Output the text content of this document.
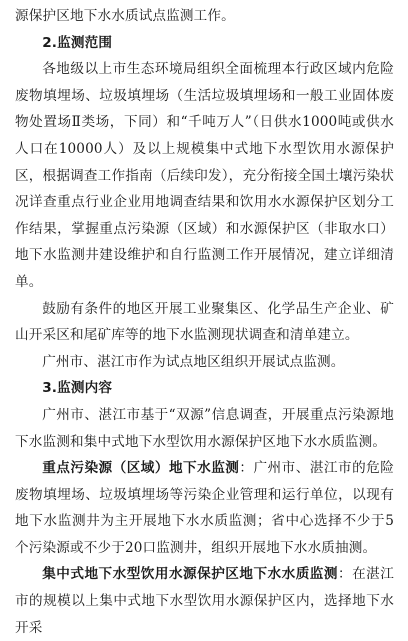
源保护区地下水水质试点监测工作。

2.监测范围

各地级以上市生态环境局组织全面梳理本行政区域内危险废物填埋场、垃圾填埋场（生活垃圾填埋场和一般工业固体废物处置场Ⅱ类场，下同）和“千吨万人”（日供水1000吨或供水人口在10000人）及以上规模集中式地下水型饮用水源保护区，根据调查工作指南（后续印发），充分衔接全国土壤污染状况详查重点行业企业用地调查结果和饮用水水源保护区划分工作结果，掌握重点污染源（区域）和水源保护区（非取水口）地下水监测井建设维护和自行监测工作开展情况，建立详细清单。

鼓励有条件的地区开展工业聚集区、化学品生产企业、矿山开采区和尾矿库等的地下水监测现状调查和清单建立。

广州市、湛江市作为试点地区组织开展试点监测。

3.监测内容

广州市、湛江市基于“双源”信息调查，开展重点污染源地下水监测和集中式地下水型饮用水源保护区地下水水质监测。

重点污染源（区域）地下水监测：广州市、湛江市的危险废物填埋场、垃圾填埋场等污染企业管理和运行单位，以现有地下水监测井为主开展地下水水质监测；省中心选择不少于5个污染源或不少于20口监测井，组织开展地下水水质抽测。

集中式地下水型饮用水源保护区地下水水质监测：在湛江市的规模以上集中式地下水型饮用水源保护区内，选择地下水开采
